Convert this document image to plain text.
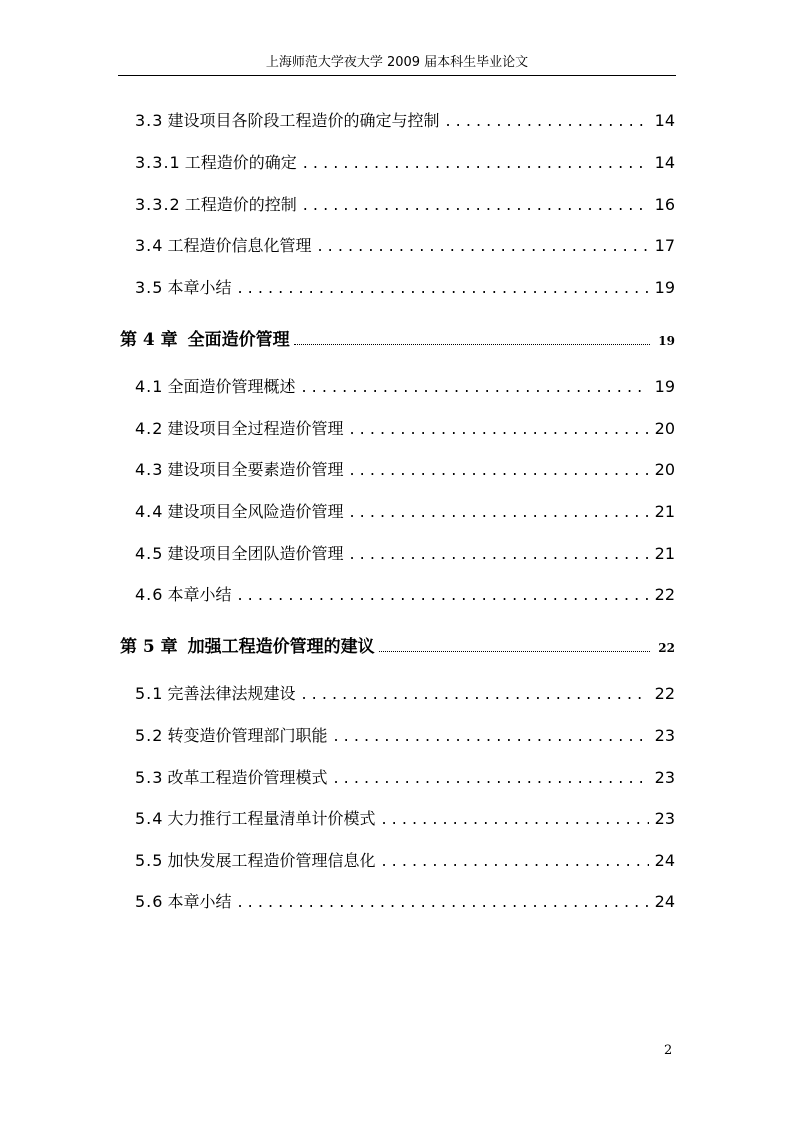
上海师范大学夜大学 2009 届本科生毕业论文
3.3 建设项目各阶段工程造价的确定与控制 . . .	14
3.3.1 工程造价的确定 . . .	14
3.3.2 工程造价的控制 . . .	16
3.4 工程造价信息化管理 . . .	17
3.5 本章小结 . . .	19
第 4 章 全面造价管理	19
4.1 全面造价管理概述 . . .	19
4.2 建设项目全过程造价管理 . . .	20
4.3 建设项目全要素造价管理 . . .	20
4.4 建设项目全风险造价管理 . . .	21
4.5 建设项目全团队造价管理 . . .	21
4.6 本章小结 . . .	22
第 5 章 加强工程造价管理的建议	22
5.1 完善法律法规建设 . . .	22
5.2 转变造价管理部门职能 . . .	23
5.3 改革工程造价管理模式 . . .	23
5.4 大力推行工程量清单计价模式 . . .	23
5.5 加快发展工程造价管理信息化 . . .	24
5.6 本章小结 . . .	24
2
